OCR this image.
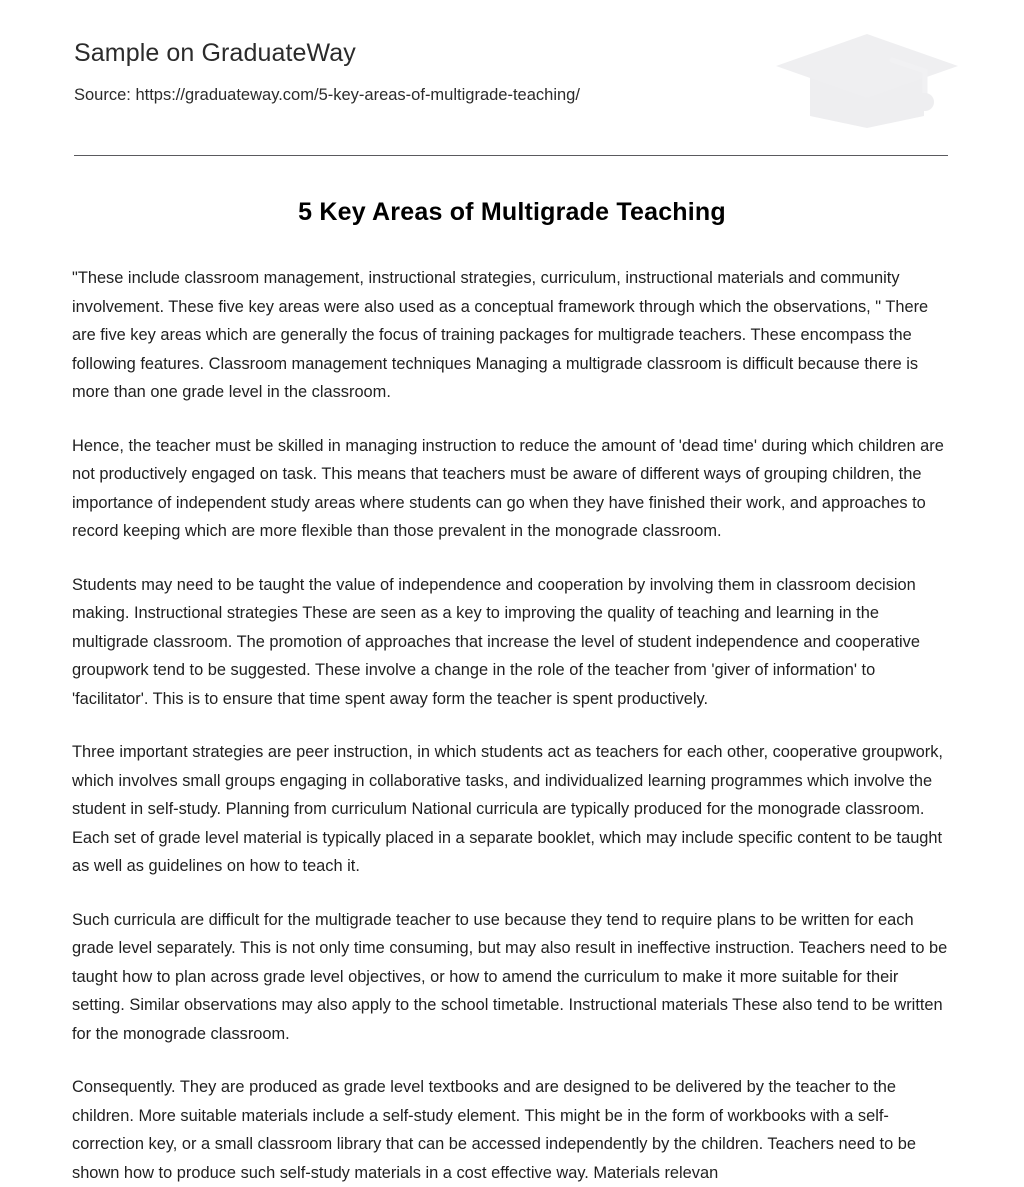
Sample on GraduateWay
Source: https://graduateway.com/5-key-areas-of-multigrade-teaching/
5 Key Areas of Multigrade Teaching

"These include classroom management, instructional strategies, curriculum, instructional materials and community involvement. These five key areas were also used as a conceptual framework through which the observations, " There are five key areas which are generally the focus of training packages for multigrade teachers. These encompass the following features. Classroom management techniques Managing a multigrade classroom is difficult because there is more than one grade level in the classroom.

Hence, the teacher must be skilled in managing instruction to reduce the amount of 'dead time' during which children are not productively engaged on task. This means that teachers must be aware of different ways of grouping children, the importance of independent study areas where students can go when they have finished their work, and approaches to record keeping which are more flexible than those prevalent in the monograde classroom.

Students may need to be taught the value of independence and cooperation by involving them in classroom decision making. Instructional strategies These are seen as a key to improving the quality of teaching and learning in the multigrade classroom. The promotion of approaches that increase the level of student independence and cooperative groupwork tend to be suggested. These involve a change in the role of the teacher from 'giver of information' to 'facilitator'. This is to ensure that time spent away form the teacher is spent productively.

Three important strategies are peer instruction, in which students act as teachers for each other, cooperative groupwork, which involves small groups engaging in collaborative tasks, and individualized learning programmes which involve the student in self-study. Planning from curriculum National curricula are typically produced for the monograde classroom. Each set of grade level material is typically placed in a separate booklet, which may include specific content to be taught as well as guidelines on how to teach it.

Such curricula are difficult for the multigrade teacher to use because they tend to require plans to be written for each grade level separately. This is not only time consuming, but may also result in ineffective instruction. Teachers need to be taught how to plan across grade level objectives, or how to amend the curriculum to make it more suitable for their setting. Similar observations may also apply to the school timetable. Instructional materials These also tend to be written for the monograde classroom.

Consequently. They are produced as grade level textbooks and are designed to be delivered by the teacher to the children. More suitable materials include a self-study element. This might be in the form of workbooks with a self-correction key, or a small classroom library that can be accessed independently by the children. Teachers need to be shown how to produce such self-study materials in a cost effective way. Materials relevan
